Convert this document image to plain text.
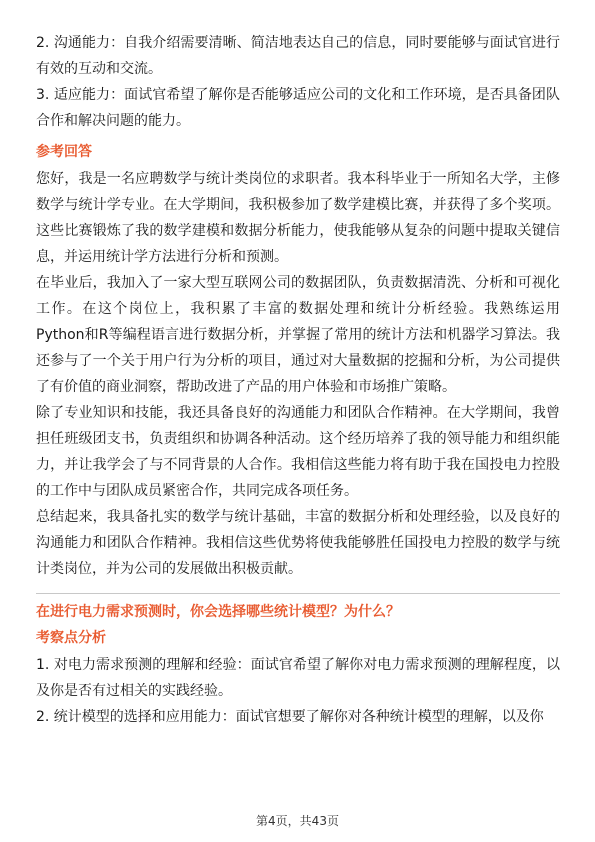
2. 沟通能力：自我介绍需要清晰、简洁地表达自己的信息，同时要能够与面试官进行有效的互动和交流。

3. 适应能力：面试官希望了解你是否能够适应公司的文化和工作环境，是否具备团队合作和解决问题的能力。

参考回答

您好，我是一名应聘数学与统计类岗位的求职者。我本科毕业于一所知名大学，主修数学与统计学专业。在大学期间，我积极参加了数学建模比赛，并获得了多个奖项。这些比赛锻炼了我的数学建模和数据分析能力，使我能够从复杂的问题中提取关键信息，并运用统计学方法进行分析和预测。

在毕业后，我加入了一家大型互联网公司的数据团队，负责数据清洗、分析和可视化工作。在这个岗位上，我积累了丰富的数据处理和统计分析经验。我熟练运用Python和R等编程语言进行数据分析，并掌握了常用的统计方法和机器学习算法。我还参与了一个关于用户行为分析的项目，通过对大量数据的挖掘和分析，为公司提供了有价值的商业洞察，帮助改进了产品的用户体验和市场推广策略。

除了专业知识和技能，我还具备良好的沟通能力和团队合作精神。在大学期间，我曾担任班级团支书，负责组织和协调各种活动。这个经历培养了我的领导能力和组织能力，并让我学会了与不同背景的人合作。我相信这些能力将有助于我在国投电力控股的工作中与团队成员紧密合作，共同完成各项任务。

总结起来，我具备扎实的数学与统计基础，丰富的数据分析和处理经验，以及良好的沟通能力和团队合作精神。我相信这些优势将使我能够胜任国投电力控股的数学与统计类岗位，并为公司的发展做出积极贡献。

在进行电力需求预测时，你会选择哪些统计模型？为什么？
考察点分析

1. 对电力需求预测的理解和经验：面试官希望了解你对电力需求预测的理解程度，以及你是否有过相关的实践经验。

2. 统计模型的选择和应用能力：面试官想要了解你对各种统计模型的理解，以及你

第4页，共43页
